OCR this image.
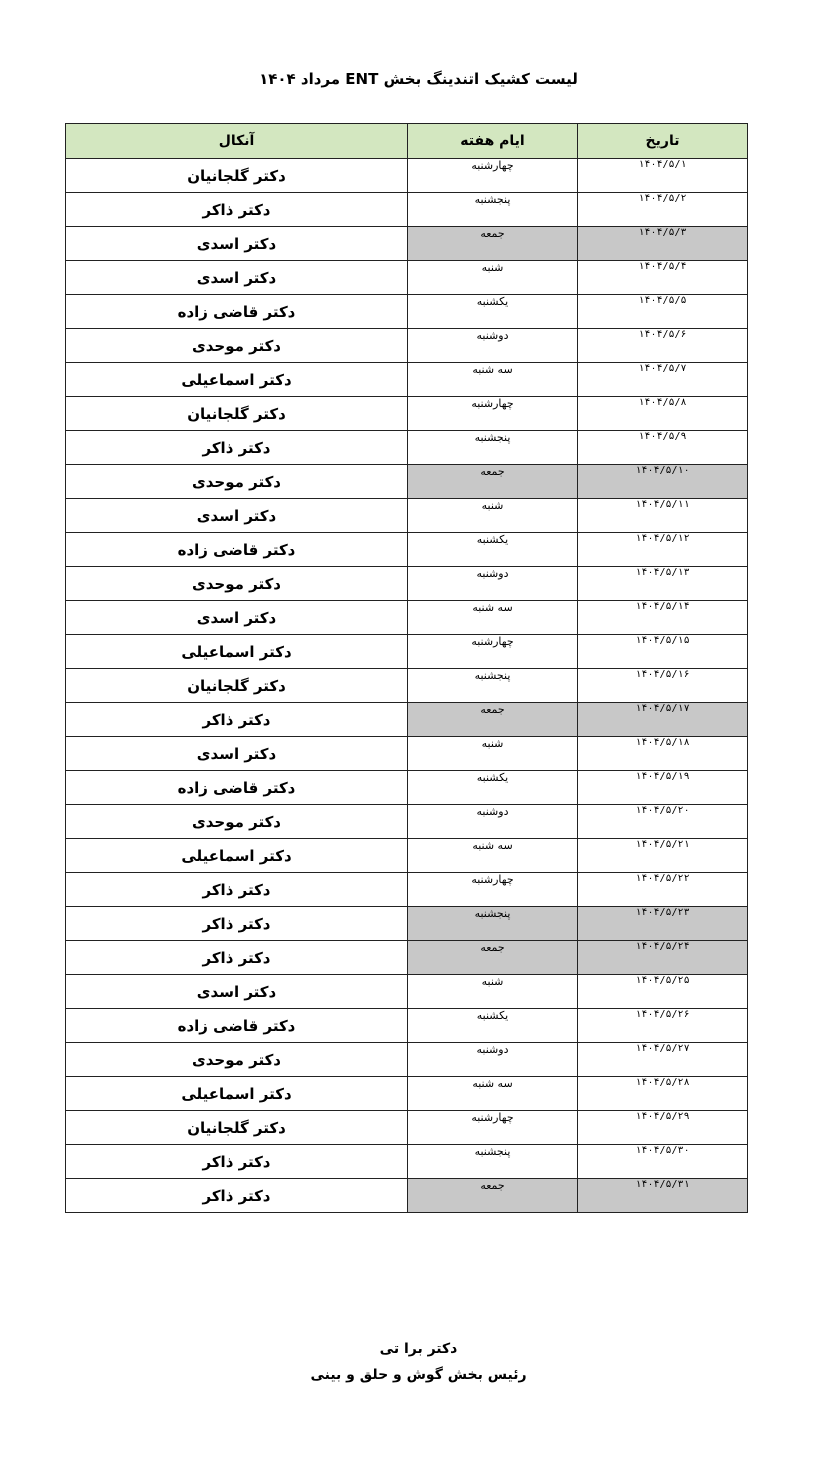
لیست کشیک اتندینگ بخش ENT مرداد ۱۴۰۴
تاریخ	ایام هفته	آنکال
۱۴۰۴/۵/۱	چهارشنبه	دکتر گلجانیان
۱۴۰۴/۵/۲	پنجشنبه	دکتر ذاکر
۱۴۰۴/۵/۳	جمعه	دکتر اسدی
۱۴۰۴/۵/۴	شنبه	دکتر اسدی
۱۴۰۴/۵/۵	یکشنبه	دکتر قاضی زاده
۱۴۰۴/۵/۶	دوشنبه	دکتر موحدی
۱۴۰۴/۵/۷	سه شنبه	دکتر اسماعیلی
۱۴۰۴/۵/۸	چهارشنبه	دکتر گلجانیان
۱۴۰۴/۵/۹	پنجشنبه	دکتر ذاکر
۱۴۰۴/۵/۱۰	جمعه	دکتر موحدی
۱۴۰۴/۵/۱۱	شنبه	دکتر اسدی
۱۴۰۴/۵/۱۲	یکشنبه	دکتر قاضی زاده
۱۴۰۴/۵/۱۳	دوشنبه	دکتر موحدی
۱۴۰۴/۵/۱۴	سه شنبه	دکتر اسدی
۱۴۰۴/۵/۱۵	چهارشنبه	دکتر اسماعیلی
۱۴۰۴/۵/۱۶	پنجشنبه	دکتر گلجانیان
۱۴۰۴/۵/۱۷	جمعه	دکتر ذاکر
۱۴۰۴/۵/۱۸	شنبه	دکتر اسدی
۱۴۰۴/۵/۱۹	یکشنبه	دکتر قاضی زاده
۱۴۰۴/۵/۲۰	دوشنبه	دکتر موحدی
۱۴۰۴/۵/۲۱	سه شنبه	دکتر اسماعیلی
۱۴۰۴/۵/۲۲	چهارشنبه	دکتر ذاکر
۱۴۰۴/۵/۲۳	پنجشنبه	دکتر ذاکر
۱۴۰۴/۵/۲۴	جمعه	دکتر ذاکر
۱۴۰۴/۵/۲۵	شنبه	دکتر اسدی
۱۴۰۴/۵/۲۶	یکشنبه	دکتر قاضی زاده
۱۴۰۴/۵/۲۷	دوشنبه	دکتر موحدی
۱۴۰۴/۵/۲۸	سه شنبه	دکتر اسماعیلی
۱۴۰۴/۵/۲۹	چهارشنبه	دکتر گلجانیان
۱۴۰۴/۵/۳۰	پنجشنبه	دکتر ذاکر
۱۴۰۴/۵/۳۱	جمعه	دکتر ذاکر
دکتر برا تی
رئیس بخش گوش و حلق و بینی
